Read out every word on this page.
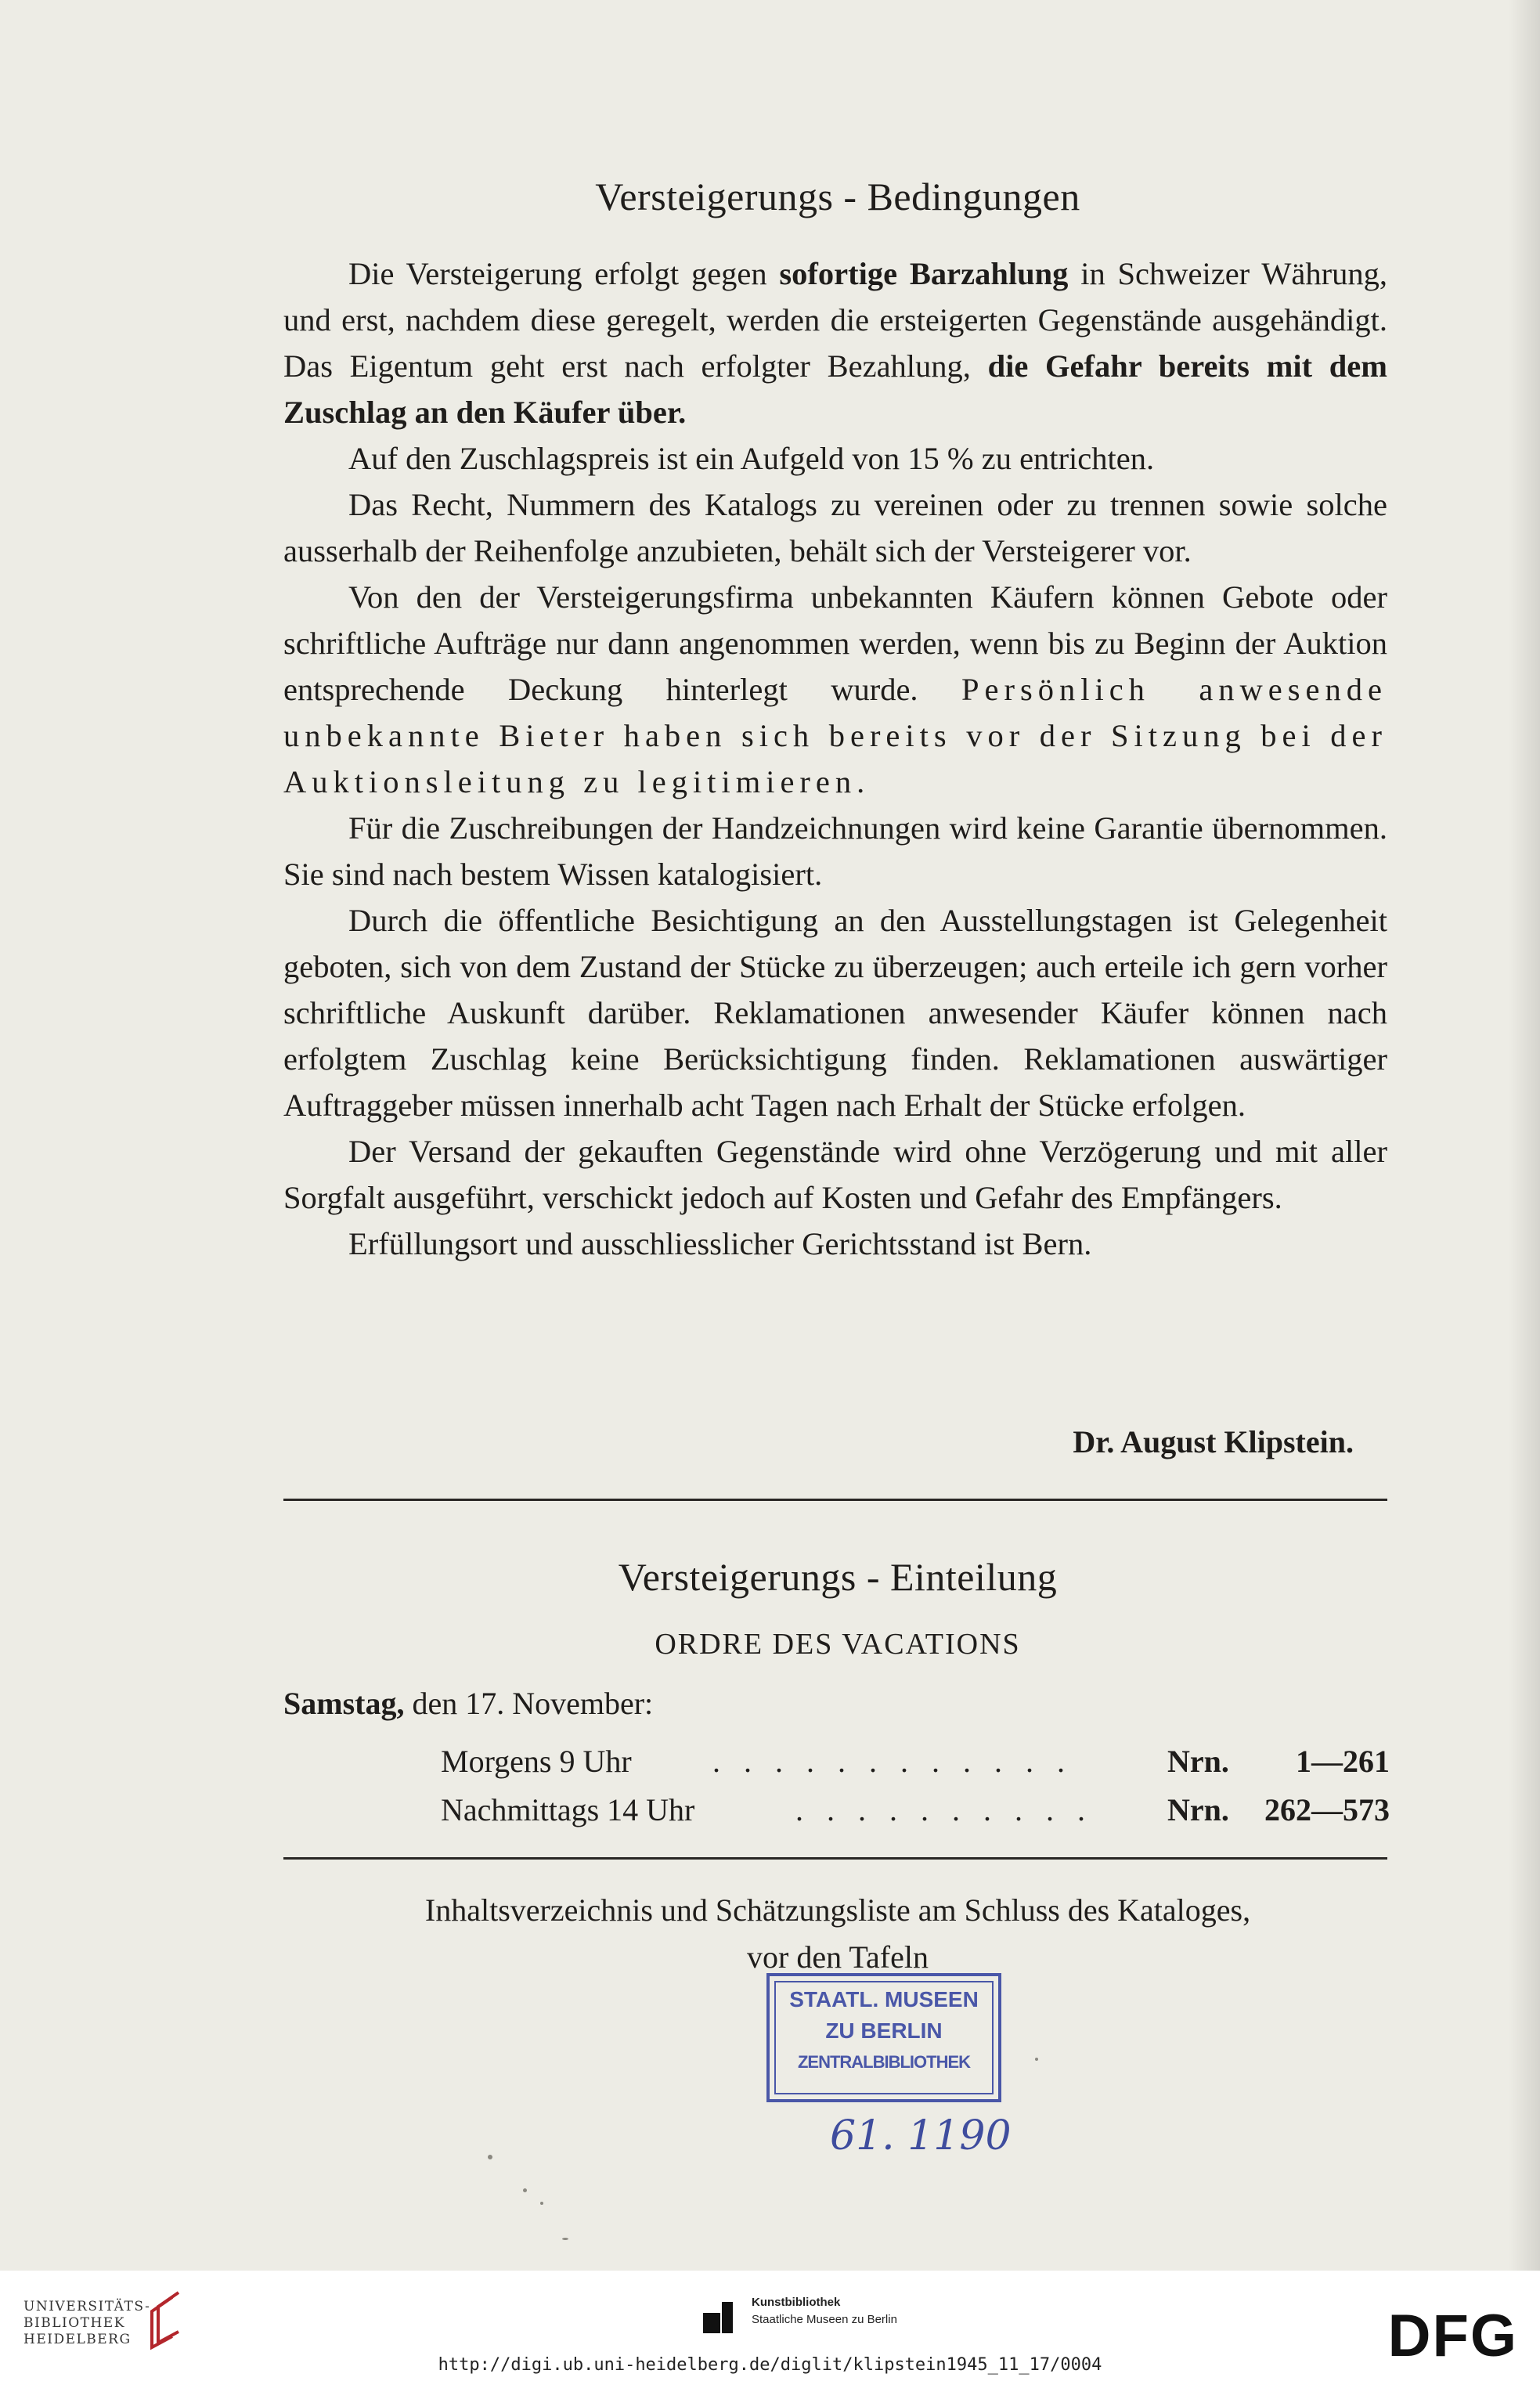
Versteigerungs - Bedingungen

Die Versteigerung erfolgt gegen sofortige Barzahlung in Schweizer Währung, und erst, nachdem diese geregelt, werden die ersteigerten Gegenstände ausgehändigt. Das Eigentum geht erst nach erfolgter Bezahlung, die Gefahr bereits mit dem Zuschlag an den Käufer über.

Auf den Zuschlagspreis ist ein Aufgeld von 15 % zu entrichten.

Das Recht, Nummern des Katalogs zu vereinen oder zu trennen sowie solche ausserhalb der Reihenfolge anzubieten, behält sich der Versteigerer vor.

Von den der Versteigerungsfirma unbekannten Käufern können Gebote oder schriftliche Aufträge nur dann angenommen werden, wenn bis zu Beginn der Auktion entsprechende Deckung hinterlegt wurde. Persönlich anwesende unbekannte Bieter haben sich bereits vor der Sitzung bei der Auktionsleitung zu legitimieren.

Für die Zuschreibungen der Handzeichnungen wird keine Garantie übernommen. Sie sind nach bestem Wissen katalogisiert.

Durch die öffentliche Besichtigung an den Ausstellungstagen ist Gelegenheit geboten, sich von dem Zustand der Stücke zu überzeugen; auch erteile ich gern vorher schriftliche Auskunft darüber. Reklamationen anwesender Käufer können nach erfolgtem Zuschlag keine Berücksichtigung finden. Reklamationen auswärtiger Auftraggeber müssen innerhalb acht Tagen nach Erhalt der Stücke erfolgen.

Der Versand der gekauften Gegenstände wird ohne Verzögerung und mit aller Sorgfalt ausgeführt, verschickt jedoch auf Kosten und Gefahr des Empfängers.

Erfüllungsort und ausschliesslicher Gerichtsstand ist Bern.

Dr. August Klipstein.

Versteigerungs - Einteilung

ORDRE DES VACATIONS

Samstag, den 17. November:

Morgens 9 Uhr	. . . . . . . . . . . .	Nrn. 1—261
Nachmittags 14 Uhr	. . . . . . . . . . Nrn. 262—573

Inhaltsverzeichnis und Schätzungsliste am Schluss des Kataloges,

vor den Tafeln

STAATL. MUSEEN
ZU BERLIN
ZENTRALBIBLIOTHEK

61. 1190

UNIVERSITÄTS-
BIBLIOTHEK
HEIDELBERG
Kunstbibliothek
Staatliche Museen zu Berlin	DFG
http://digi.ub.uni-heidelberg.de/diglit/klipstein1945_11_17/0004
